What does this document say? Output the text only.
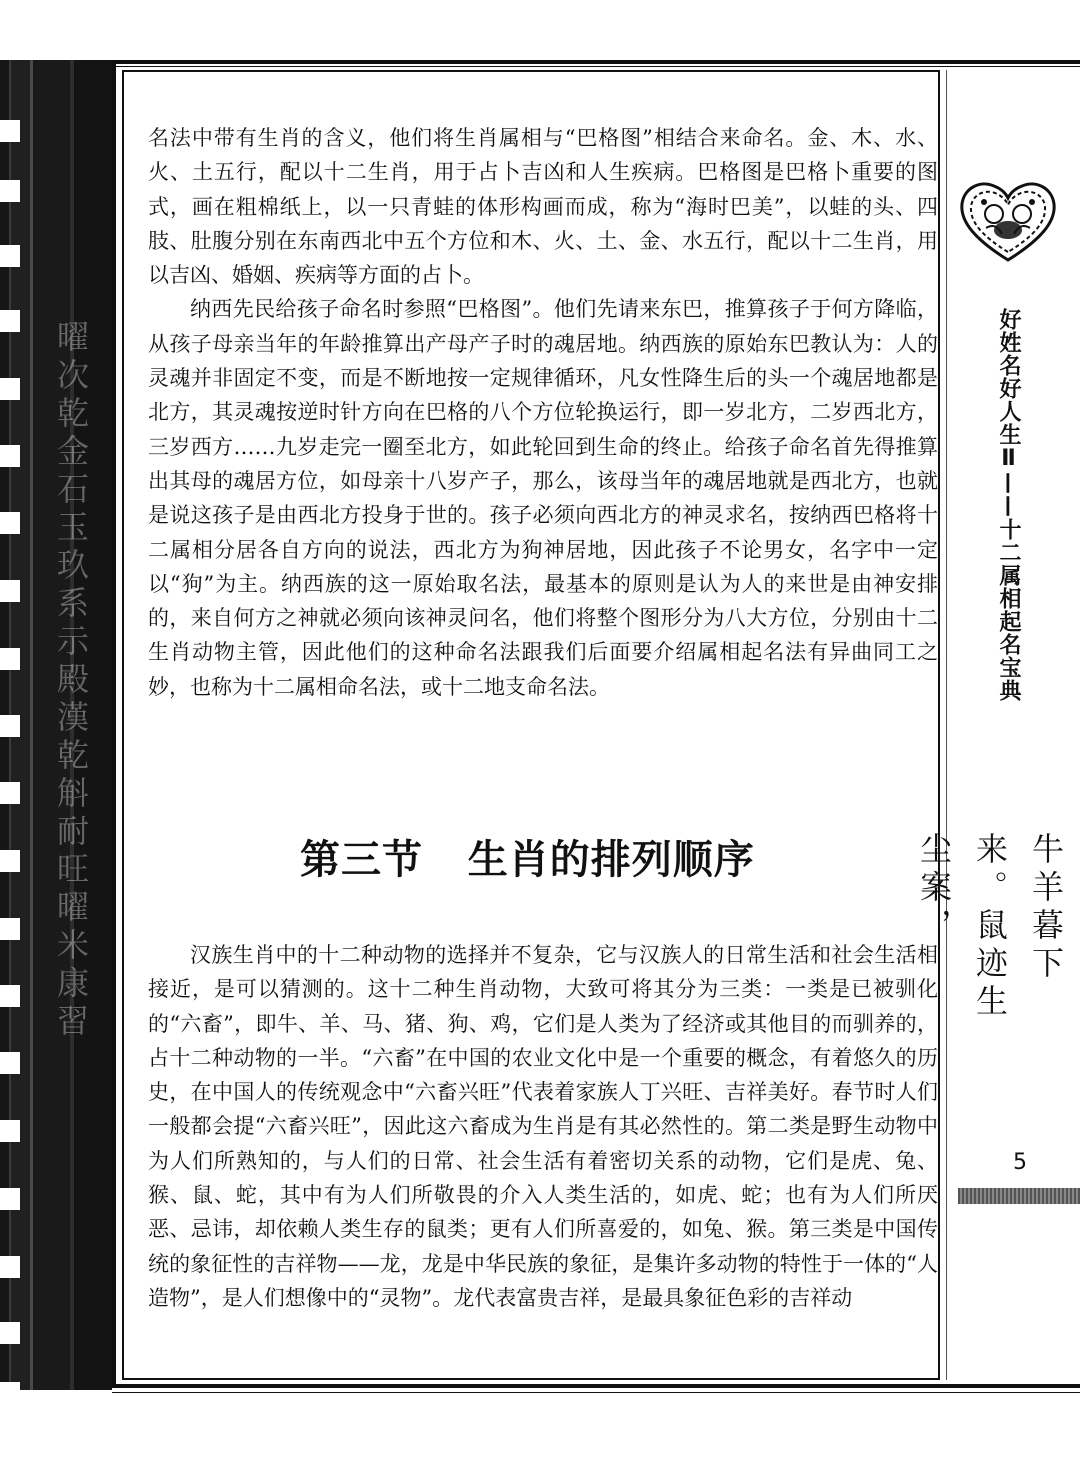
曜次乾金石玉玖系示殿漢乾斛耐旺曜米康習

名法中带有生肖的含义，他们将生肖属相与“巴格图”相结合来命名。金、木、水、火、土五行，配以十二生肖，用于占卜吉凶和人生疾病。巴格图是巴格卜重要的图式，画在粗棉纸上，以一只青蛙的体形构画而成，称为“海时巴美”，以蛙的头、四肢、肚腹分别在东南西北中五个方位和木、火、土、金、水五行，配以十二生肖，用以吉凶、婚姻、疾病等方面的占卜。

纳西先民给孩子命名时参照“巴格图”。他们先请来东巴，推算孩子于何方降临，从孩子母亲当年的年龄推算出产母产子时的魂居地。纳西族的原始东巴教认为：人的灵魂并非固定不变，而是不断地按一定规律循环，凡女性降生后的头一个魂居地都是北方，其灵魂按逆时针方向在巴格的八个方位轮换运行，即一岁北方，二岁西北方，三岁西方……九岁走完一圈至北方，如此轮回到生命的终止。给孩子命名首先得推算出其母的魂居方位，如母亲十八岁产子，那么，该母当年的魂居地就是西北方，也就是说这孩子是由西北方投身于世的。孩子必须向西北方的神灵求名，按纳西巴格将十二属相分居各自方向的说法，西北方为狗神居地，因此孩子不论男女，名字中一定以“狗”为主。纳西族的这一原始取名法，最基本的原则是认为人的来世是由神安排的，来自何方之神就必须向该神灵问名，他们将整个图形分为八大方位，分别由十二生肖动物主管，因此他们的这种命名法跟我们后面要介绍属相起名法有异曲同工之妙，也称为十二属相命名法，或十二地支命名法。

第三节   生肖的排列顺序

汉族生肖中的十二种动物的选择并不复杂，它与汉族人的日常生活和社会生活相接近，是可以猜测的。这十二种生肖动物，大致可将其分为三类：一类是已被驯化的“六畜”，即牛、羊、马、猪、狗、鸡，它们是人类为了经济或其他目的而驯养的，占十二种动物的一半。“六畜”在中国的农业文化中是一个重要的概念，有着悠久的历史，在中国人的传统观念中“六畜兴旺”代表着家族人丁兴旺、吉祥美好。春节时人们一般都会提“六畜兴旺”，因此这六畜成为生肖是有其必然性的。第二类是野生动物中为人们所熟知的，与人们的日常、社会生活有着密切关系的动物，它们是虎、兔、猴、鼠、蛇，其中有为人们所敬畏的介入人类生活的，如虎、蛇；也有为人们所厌恶、忌讳，却依赖人类生存的鼠类；更有人们所喜爱的，如兔、猴。第三类是中国传统的象征性的吉祥物——龙，龙是中华民族的象征，是集许多动物的特性于一体的“人造物”，是人们想像中的“灵物”。龙代表富贵吉祥，是最具象征色彩的吉祥动

好姓名好人生Ⅱ——十二属相起名宝典
牛羊暮下来。鼠迹生尘案，
5
